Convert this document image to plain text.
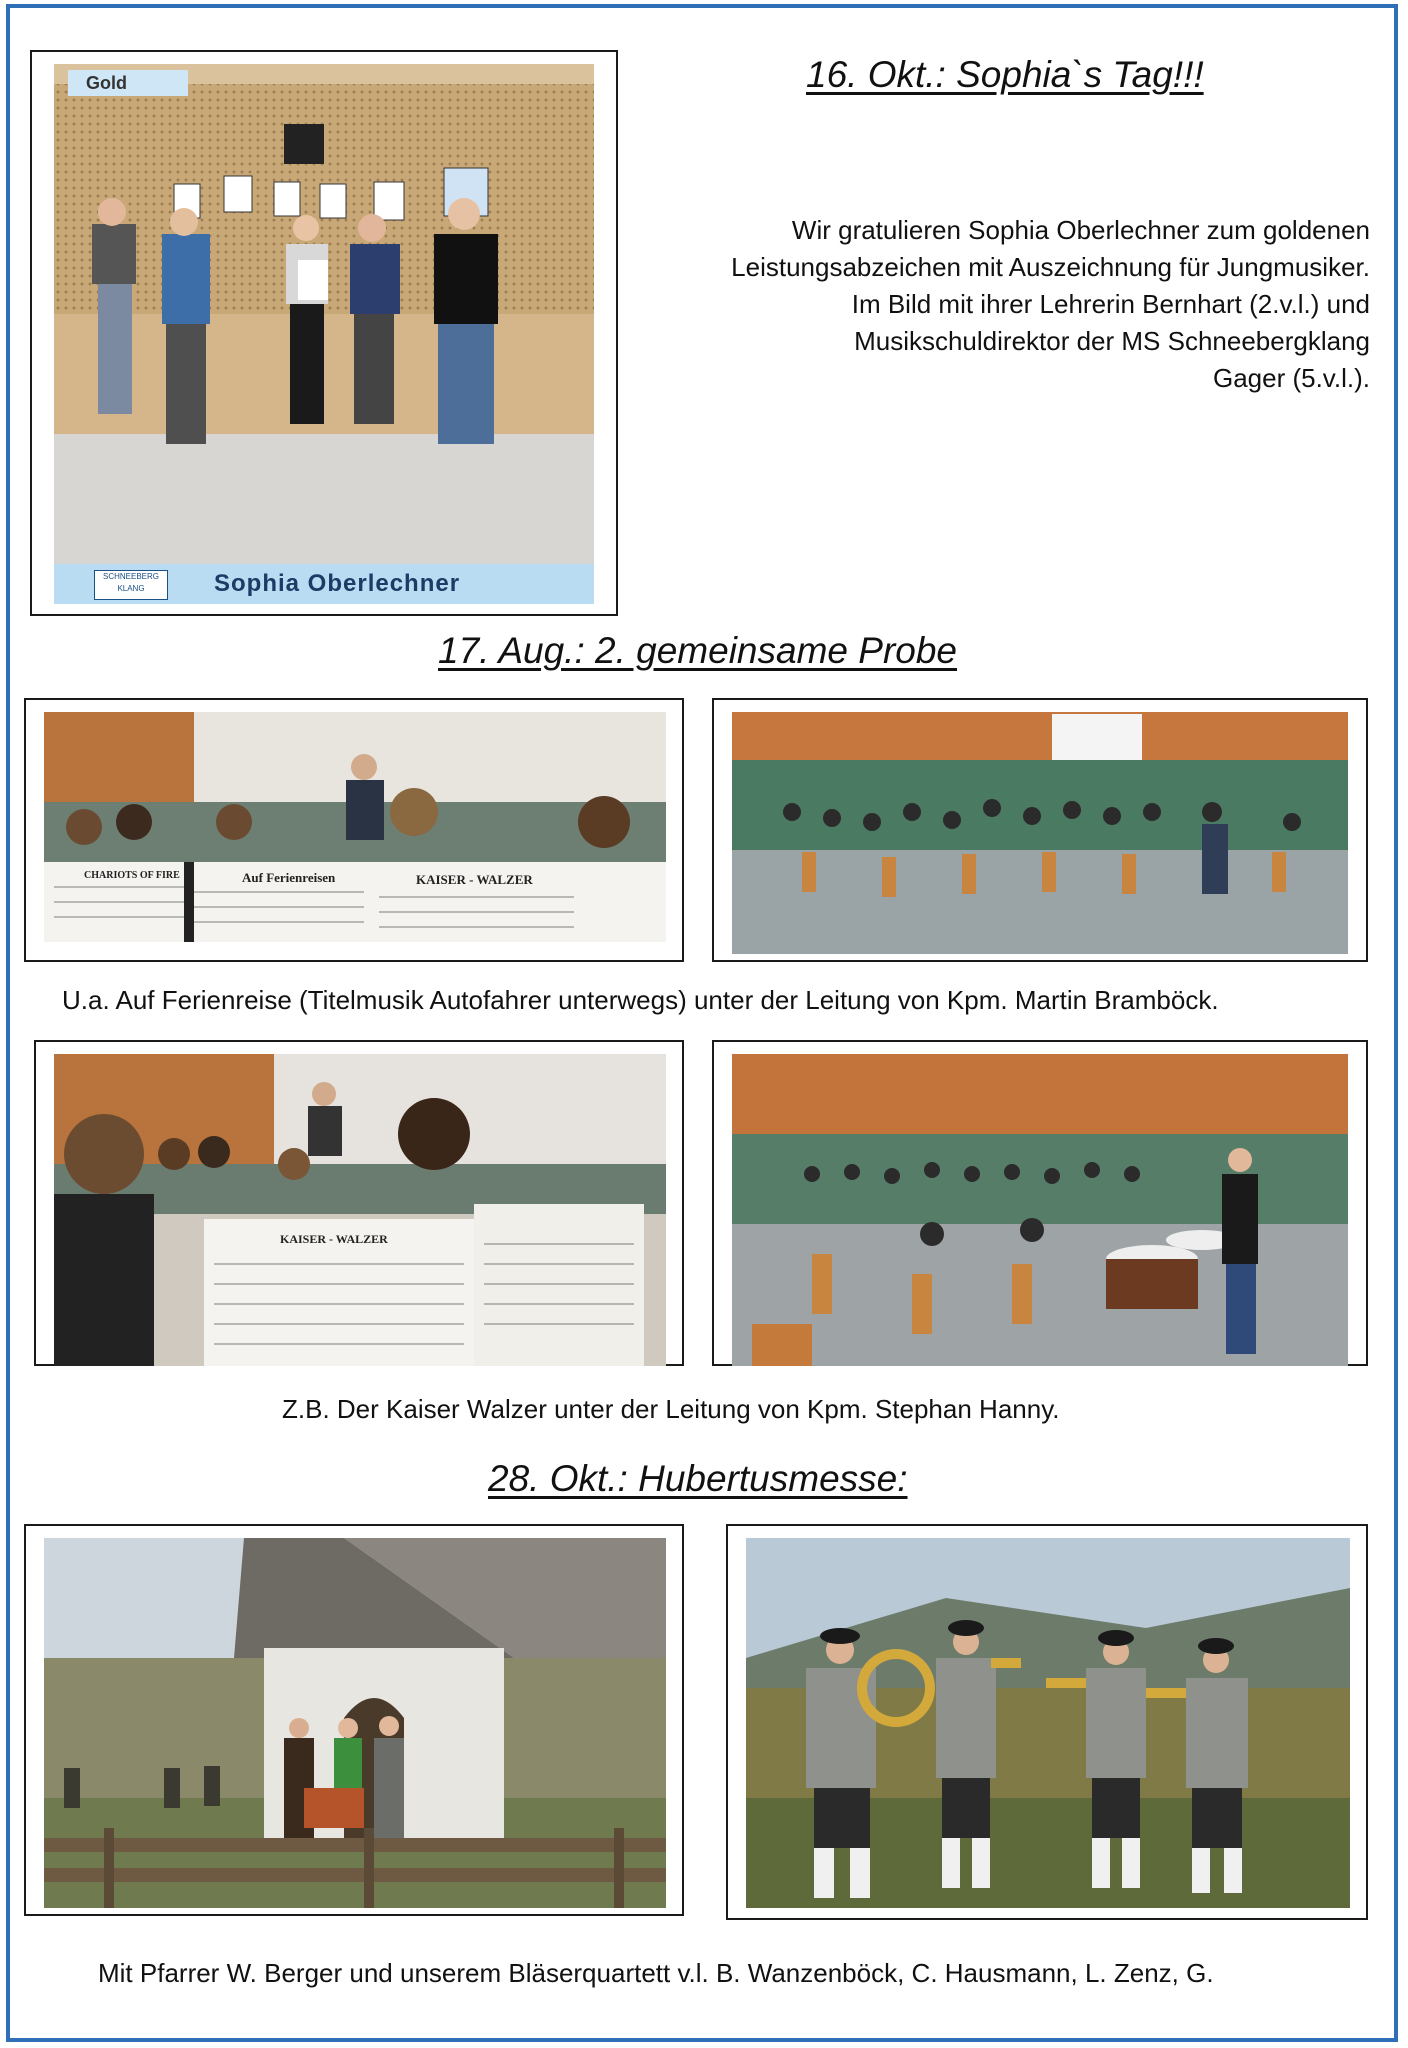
Gold
SCHNEEBERG KLANG	Sophia Oberlechner
16. Okt.: Sophia`s Tag!!!
Wir gratulieren Sophia Oberlechner zum goldenen
Leistungsabzeichen mit Auszeichnung für Jungmusiker.
Im Bild mit ihrer Lehrerin Bernhart (2.v.l.) und
Musikschuldirektor der MS Schneebergklang
Gager (5.v.l.).
17. Aug.: 2. gemeinsame Probe
CHARIOTS OF FIRE	Auf Ferienreisen	KAISER - WALZER
U.a. Auf Ferienreise (Titelmusik Autofahrer unterwegs) unter der Leitung von Kpm. Martin Bramböck.
KAISER - WALZER
Z.B. Der Kaiser Walzer unter der Leitung von Kpm. Stephan Hanny.
28. Okt.: Hubertusmesse:
Mit Pfarrer W. Berger und unserem Bläserquartett v.l. B. Wanzenböck, C. Hausmann, L. Zenz, G.
